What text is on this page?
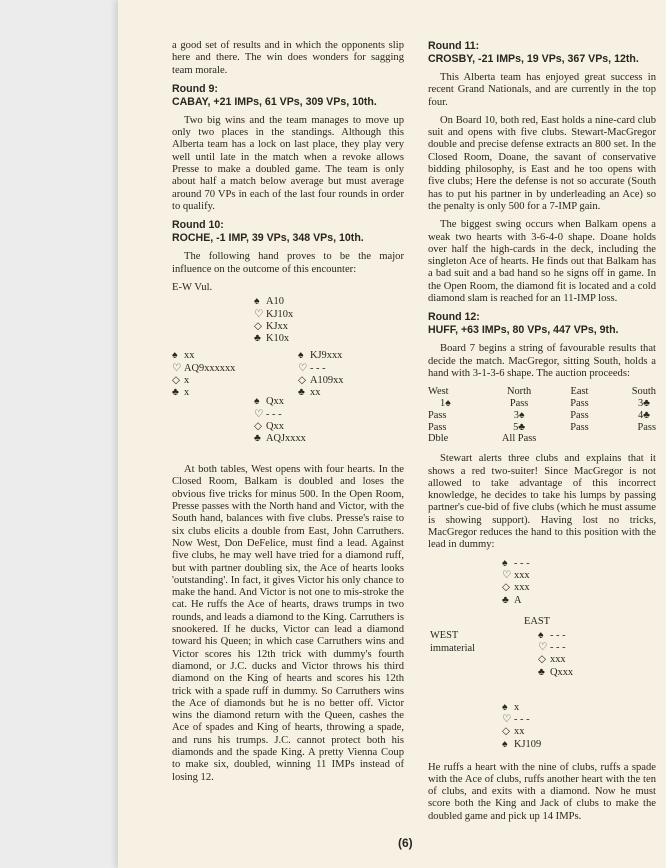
a good set of results and in which the opponents slip here and there. The win does wonders for sagging team morale.

Round 9:
CABAY, +21 IMPs, 61 VPs, 309 VPs, 10th.

Two big wins and the team manages to move up only two places in the standings. Although this Alberta team has a lock on last place, they play very well until late in the match when a revoke allows Presse to make a doubled game. The team is only about half a match below average but must average around 70 VPs in each of the last four rounds in order to qualify.

Round 10:
ROCHE, -1 IMP, 39 VPs, 348 VPs, 10th.

The following hand proves to be the major influence on the outcome of this encounter:

E-W Vul.
♠ A10
♡ KJ10x
◇ KJxx
♣ K10x
♠ xx
♡ AQ9xxxxxx
◇ x
♣ x
♠ KJ9xxx
♡ - - -
◇ A109xx
♣ xx
♠ Qxx
♡ - - -
◇ Qxx
♣ AQJxxxx

At both tables, West opens with four hearts. In the Closed Room, Balkam is doubled and loses the obvious five tricks for minus 500. In the Open Room, Presse passes with the North hand and Victor, with the South hand, balances with five clubs. Presse's raise to six clubs elicits a double from East, John Carruthers. Now West, Don DeFelice, must find a lead. Against five clubs, he may well have tried for a diamond ruff, but with partner doubling six, the Ace of hearts looks 'outstanding'. In fact, it gives Victor his only chance to make the hand. And Victor is not one to mis-stroke the cat. He ruffs the Ace of hearts, draws trumps in two rounds, and leads a diamond to the King. Carruthers is snookered. If he ducks, Victor can lead a diamond toward his Queen; in which case Carruthers wins and Victor scores his 12th trick with dummy's fourth diamond, or J.C. ducks and Victor throws his third diamond on the King of hearts and scores his 12th trick with a spade ruff in dummy. So Carruthers wins the Ace of diamonds but he is no better off. Victor wins the diamond return with the Queen, cashes the Ace of spades and King of hearts, throwing a spade, and runs his trumps. J.C. cannot protect both his diamonds and the spade King. A pretty Vienna Coup to make six, doubled, winning 11 IMPs instead of losing 12.

Round 11:
CROSBY, -21 IMPs, 19 VPs, 367 VPs, 12th.

This Alberta team has enjoyed great success in recent Grand Nationals, and are currently in the top four.

On Board 10, both red, East holds a nine-card club suit and opens with five clubs. Stewart-MacGregor double and precise defense extracts an 800 set. In the Closed Room, Doane, the savant of conservative bidding philosophy, is East and he too opens with five clubs; Here the defense is not so accurate (South has to put his partner in by underleading an Ace) so the penalty is only 500 for a 7-IMP gain.

The biggest swing occurs when Balkam opens a weak two hearts with 3-6-4-0 shape. Doane holds over half the high-cards in the deck, including the singleton Ace of hearts. He finds out that Balkam has a bad suit and a bad hand so he signs off in game. In the Open Room, the diamond fit is located and a cold diamond slam is reached for an 11-IMP loss.

Round 12:
HUFF, +63 IMPs, 80 VPs, 447 VPs, 9th.

Board 7 begins a string of favourable results that decide the match. MacGregor, sitting South, holds a hand with 3-1-3-6 shape. The auction proceeds:

West	North	East	South
1♠	Pass	Pass	3♣
Pass	3♠	Pass	4♣
Pass	5♣	Pass	Pass
Dble	All Pass		

Stewart alerts three clubs and explains that it shows a red two-suiter! Since MacGregor is not allowed to take advantage of this incorrect knowledge, he decides to take his lumps by passing partner's cue-bid of five clubs (which he must assume is showing support). Having lost no tricks, MacGregor reduces the hand to this position with the lead in dummy:

♠ - - -
♡ xxx
◇ xxx
♣ A
EAST
WEST
immaterial
♠ - - -
♡ - - -
◇ xxx
♣ Qxxx
♠ x
♡ - - -
◇ xx
♠ KJ109

He ruffs a heart with the nine of clubs, ruffs a spade with the Ace of clubs, ruffs another heart with the ten of clubs, and exits with a diamond. Now he must score both the King and Jack of clubs to make the doubled game and pick up 14 IMPs.

(6)
